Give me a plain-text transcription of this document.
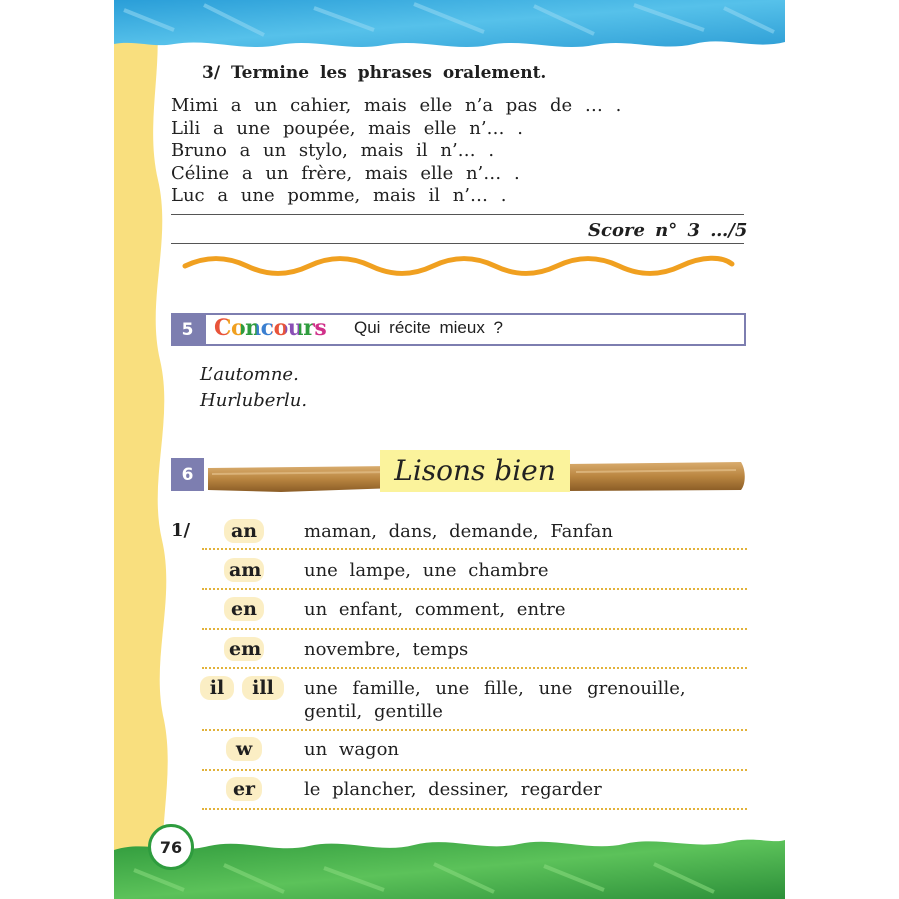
3/ Termine les phrases oralement.
Mimi a un cahier, mais elle n’a pas de … .
Lili a une poupée, mais elle n’… .
Bruno a un stylo, mais il n’… .
Céline a un frère, mais elle n’… .
Luc a une pomme, mais il n’… .
Score n° 3 …/5
5 Concours Qui récite mieux ?
L’automne.
Hurluberlu.
6	Lisons bien
1/	an	maman, dans, demande, Fanfan
am une lampe, une chambre
en	un enfant, comment, entre
em novembre, temps
il	ill	une famille, une fille, une grenouille,
gentil, gentille
w	un wagon
er	le plancher, dessiner, regarder
76
